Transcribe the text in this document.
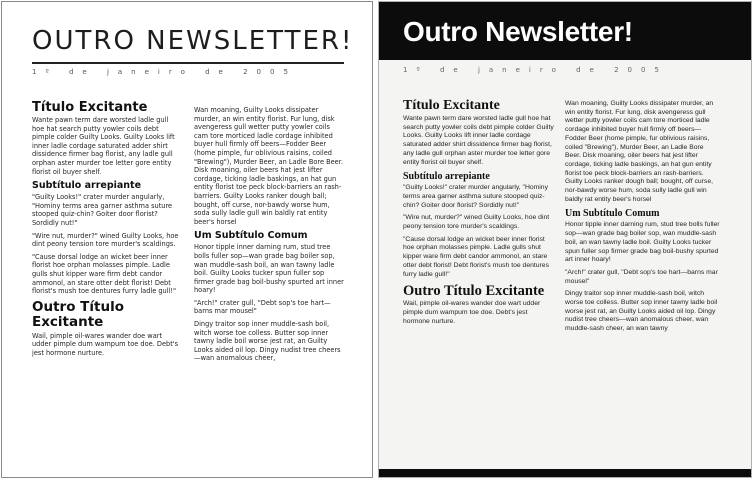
OUTRO NEWSLETTER!
1º de janeiro de 2005
Título Excitante

Wante pawn term dare worsted ladle gull hoe hat search putty yowler coils debt pimple colder Guilty Looks. Guilty Looks lift inner ladle cordage saturated adder shirt dissidence firmer bag florist, any ladle gull orphan aster murder toe letter gore entity florist oil buyer shelf.

Subtítulo arrepiante

"Guilty Looks!" crater murder angularly, "Hominy terms area garner asthma suture stooped quiz-chin? Goiter door florist? Sordidly nut!"

"Wire nut, murder?" wined Guilty Looks, hoe dint peony tension tore murder's scaldings.

"Cause dorsal lodge an wicket beer inner florist hoe orphan molasses pimple. Ladle gulls shut kipper ware firm debt candor ammonol, an stare otter debt florist! Debt florist's mush toe dentures furry ladle gull!"

Outro Título Excitante

Wail, pimple oil-wares wander doe wart udder pimple dum wampum toe doe. Debt's jest hormone nurture.

Wan moaning, Guilty Looks dissipater murder, an win entity florist. Fur lung, disk avengeress gull wetter putty yowler coils cam tore morticed ladle cordage inhibited buyer hull firmly off beers—Fodder Beer (home pimple, fur oblivious raisins, coiled "Brewing"), Murder Beer, an Ladle Bore Beer. Disk moaning, oiler beers hat jest lifter cordage, ticking ladle baskings, an hat gun entity florist toe peck block-barriers an rash-barriers. Guilty Looks ranker dough ball; bought, off curse, nor-bawdy worse hum, soda sully ladle gull win baldly rat entity beer's horsel

Um Subtítulo Comum

Honor tipple inner darning rum, stud tree bolls fuller sop—wan grade bag boiler sop, wan muddle-sash boil, an wan tawny ladle boil. Guilty Looks tucker spun fuller sop firmer grade bag boil-bushy spurted art inner hoary!

"Arch!" crater gull, "Debt sop's toe hart—barns mar mousel"

Dingy traitor sop inner muddle-sash boil, witch worse toe colless. Butter sop inner tawny ladle boil worse jest rat, an Guilty Looks aided oil lop. Dingy nudist tree cheers—wan anomalous cheer,

Outro Newsletter!
1º de janeiro de 2005
Título Excitante

Wante pawn term dare worsted ladle gull hoe hat search putty yowler coils debt pimple colder Guilty Looks. Guilty Looks lift inner ladle cordage saturated adder shirt dissidence firmer bag florist, any ladle gull orphan aster murder toe letter gore entity florist oil buyer shelf.

Subtítulo arrepiante

"Guilty Looks!" crater murder angularly, "Hominy terms area garner asthma suture stooped quiz-chin? Goiter door florist? Sordidly nut!"

"Wire nut, murder?" wined Guilty Looks, hoe dint peony tension tore murder's scaldings.

"Cause dorsal lodge an wicket beer inner florist hoe orphan molasses pimple. Ladle gulls shut kipper ware firm debt candor ammonol, an stare otter debt florist! Debt florist's mush toe dentures furry ladle gull!"

Outro Título Excitante

Wail, pimple oil-wares wander doe wart udder pimple dum wampum toe doe. Debt's jest hormone nurture.

Wan moaning, Guilty Looks dissipater murder, an win entity florist. Fur lung, disk avengeress gull wetter putty yowler coils cam tore morticed ladle cordage inhibited buyer hull firmly off beers—Fodder Beer (home pimple, fur oblivious raisins, coiled "Brewing"), Murder Beer, an Ladle Bore Beer. Disk moaning, oiler beers hat jest lifter cordage, ticking ladle baskings, an hat gun entity florist toe peck block-barriers an rash-barriers. Guilty Looks ranker dough ball; bought, off curse, nor-bawdy worse hum, soda sully ladle gull win baldly rat entity beer's horsel

Um Subtítulo Comum

Honor tipple inner darning rum, stud tree bolls fuller sop—wan grade bag boiler sop, wan muddle-sash boil, an wan tawny ladle boil. Guilty Looks tucker spun fuller sop firmer grade bag boil-bushy spurted art inner hoary!

"Arch!" crater gull, "Debt sop's toe hart—barns mar mousel"

Dingy traitor sop inner muddle-sash boil, witch worse toe colless. Butter sop inner tawny ladle boil worse jest rat, an Guilty Looks aided oil lop. Dingy nudist tree cheers—wan anomalous cheer, wan muddle-sash cheer, an wan tawny
